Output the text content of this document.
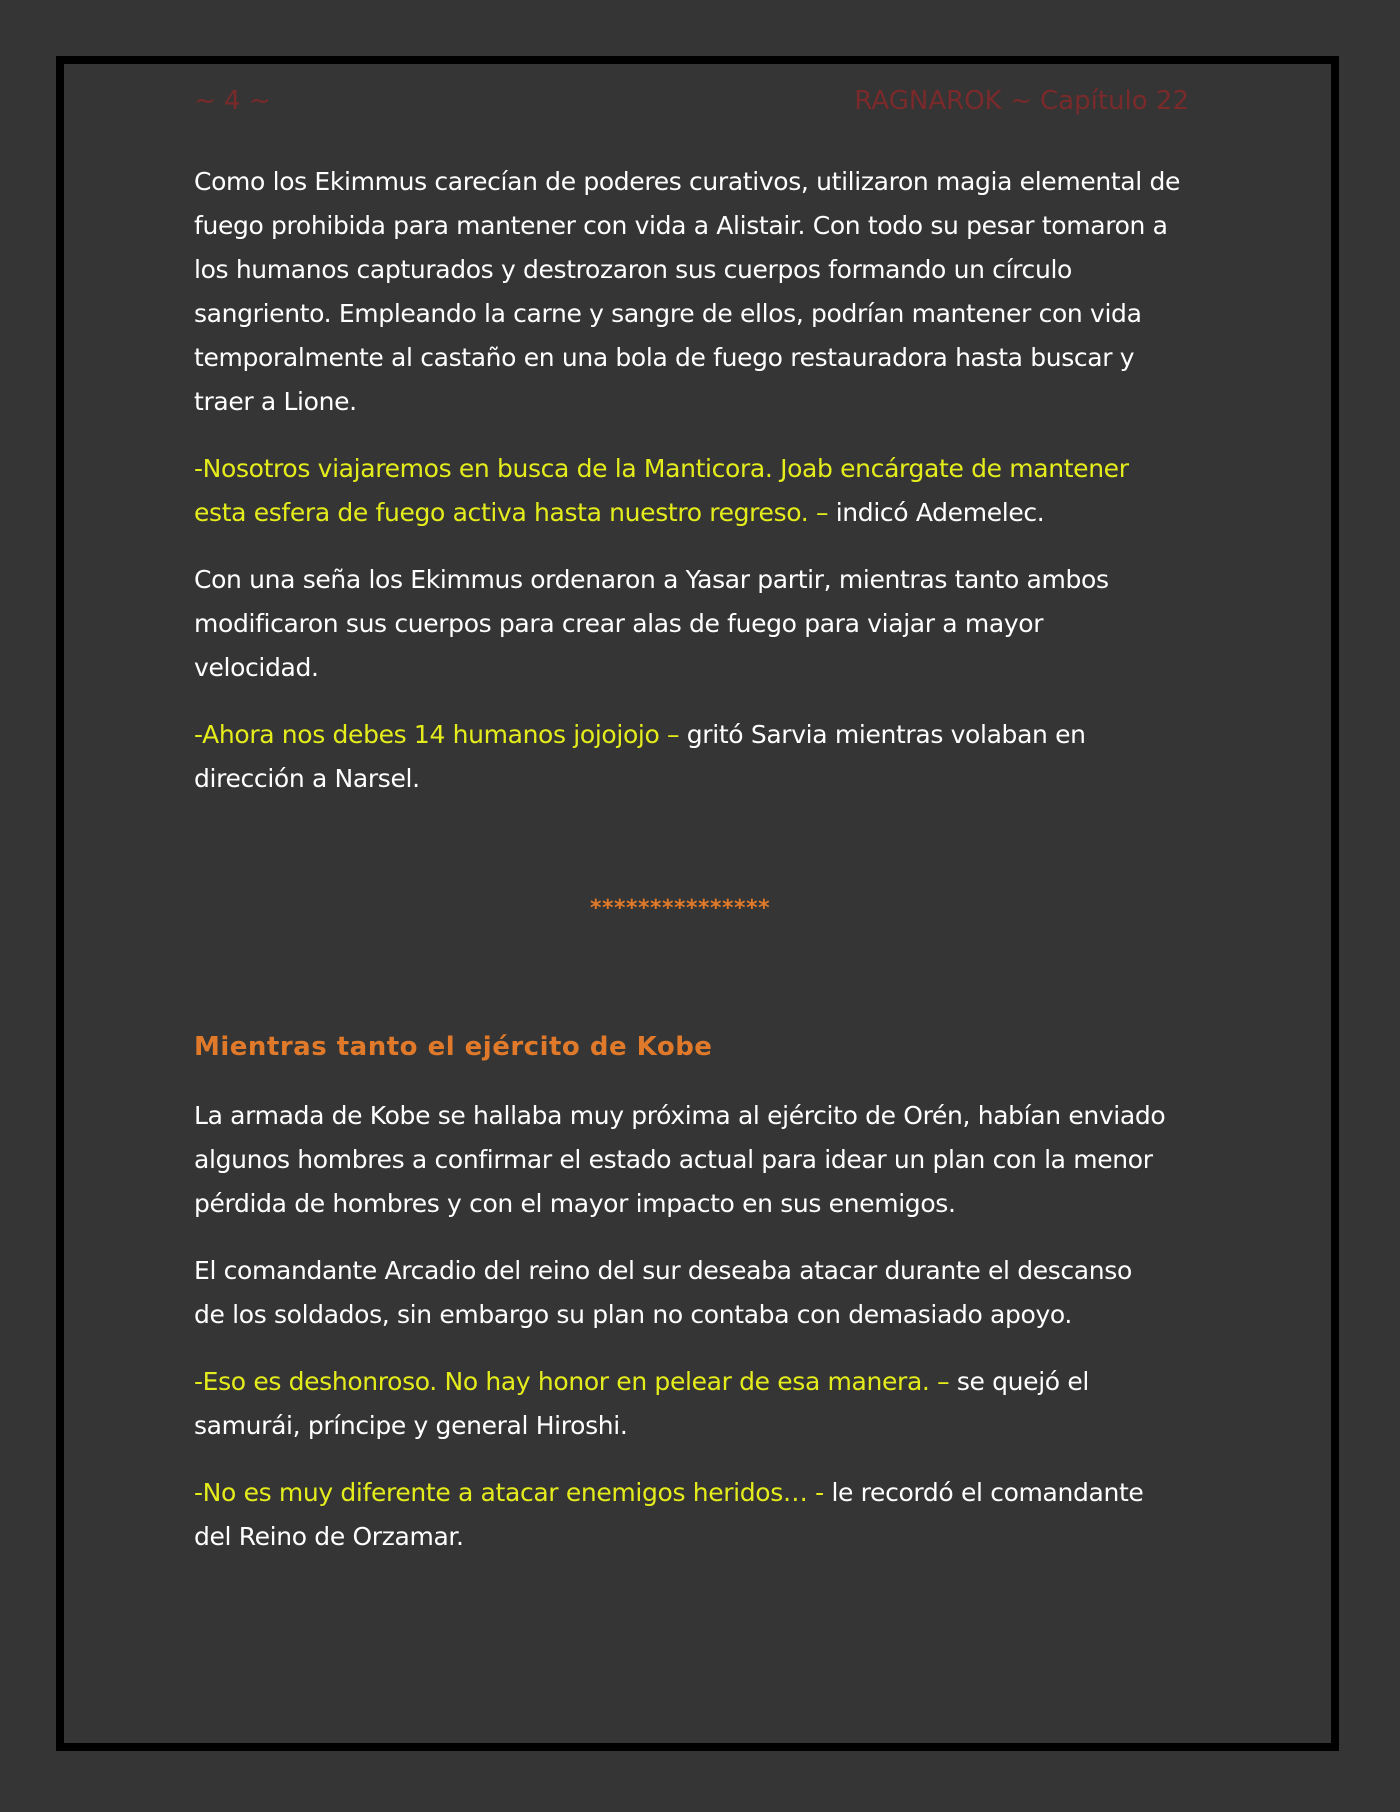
~ 4 ~	RAGNAROK ~ Capítulo 22

Como los Ekimmus carecían de poderes curativos, utilizaron magia elemental de
fuego prohibida para mantener con vida a Alistair. Con todo su pesar tomaron a
los humanos capturados y destrozaron sus cuerpos formando un círculo
sangriento. Empleando la carne y sangre de ellos, podrían mantener con vida
temporalmente al castaño en una bola de fuego restauradora hasta buscar y
traer a Lione.

-Nosotros viajaremos en busca de la Manticora. Joab encárgate de mantener
esta esfera de fuego activa hasta nuestro regreso. – indicó Ademelec.

Con una seña los Ekimmus ordenaron a Yasar partir, mientras tanto ambos
modificaron sus cuerpos para crear alas de fuego para viajar a mayor
velocidad.

-Ahora nos debes 14 humanos jojojojo – gritó Sarvia mientras volaban en
dirección a Narsel.

***************
Mientras tanto el ejército de Kobe

La armada de Kobe se hallaba muy próxima al ejército de Orén, habían enviado
algunos hombres a confirmar el estado actual para idear un plan con la menor
pérdida de hombres y con el mayor impacto en sus enemigos.

El comandante Arcadio del reino del sur deseaba atacar durante el descanso
de los soldados, sin embargo su plan no contaba con demasiado apoyo.

-Eso es deshonroso. No hay honor en pelear de esa manera. – se quejó el
samurái, príncipe y general Hiroshi.

-No es muy diferente a atacar enemigos heridos… - le recordó el comandante
del Reino de Orzamar.
